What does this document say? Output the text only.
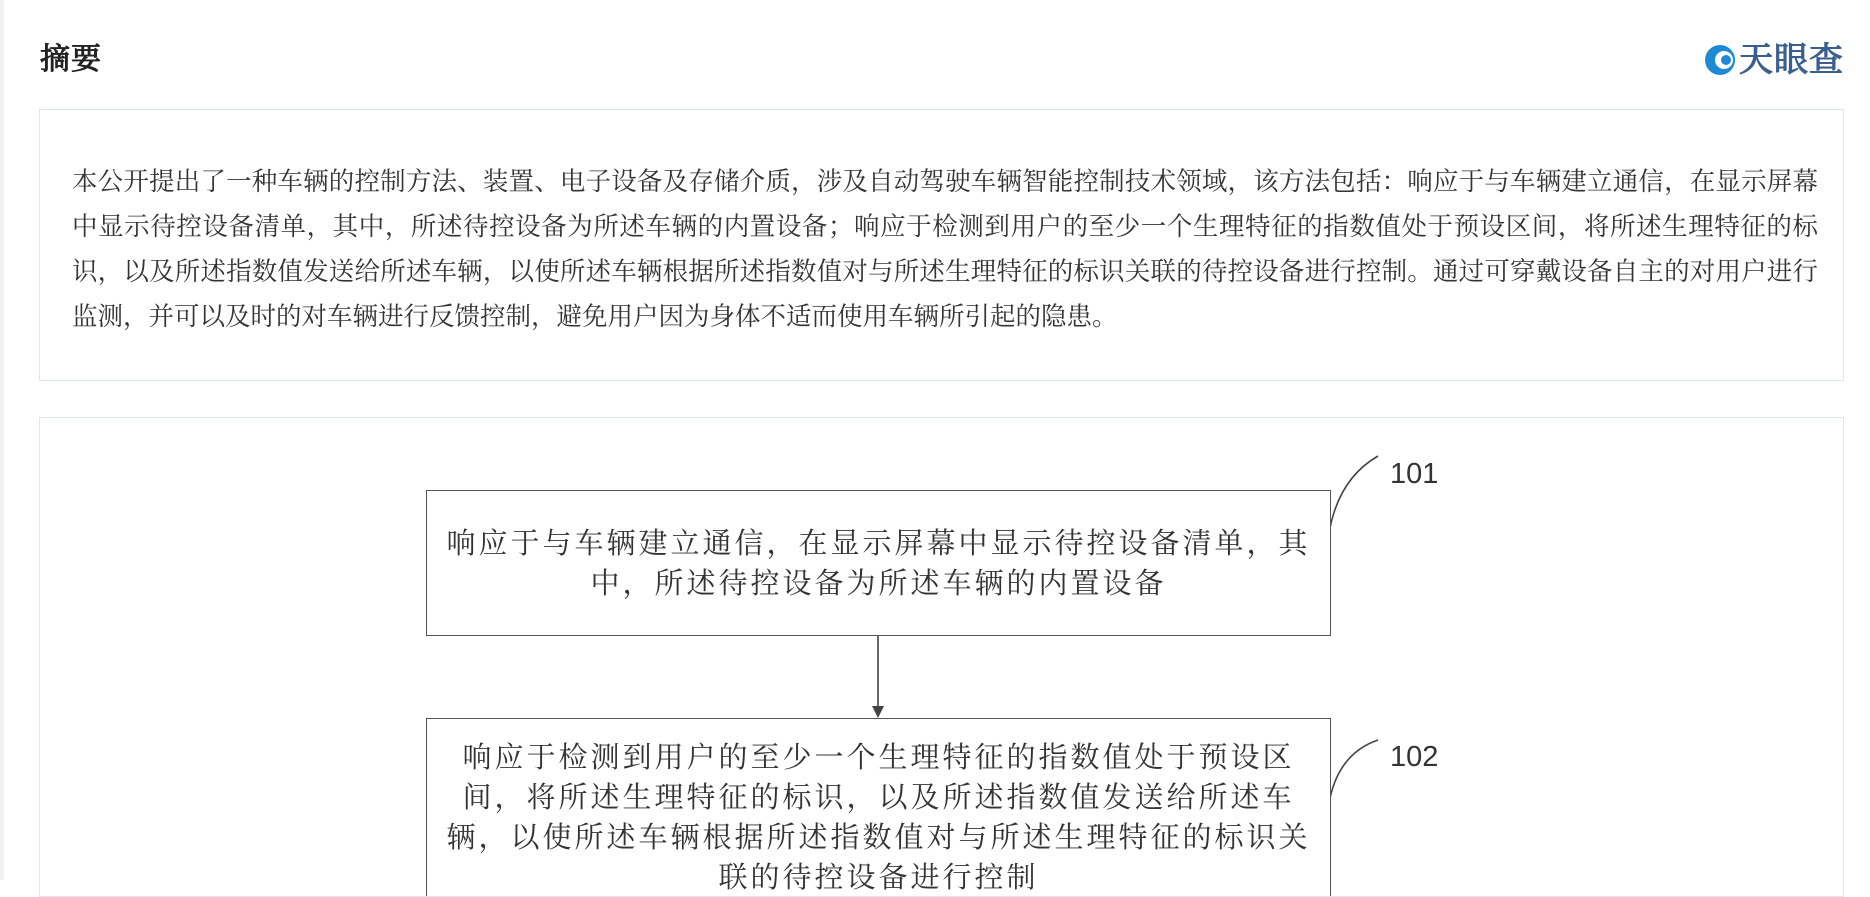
摘要	天眼查

本公开提出了一种车辆的控制方法、装置、电子设备及存储介质，涉及自动驾驶车辆智能控制技术领域，该方法包括：响应于与车辆建立通信，在显示屏幕中显示待控设备清单，其中，所述待控设备为所述车辆的内置设备；响应于检测到用户的至少一个生理特征的指数值处于预设区间，将所述生理特征的标识，以及所述指数值发送给所述车辆，以使所述车辆根据所述指数值对与所述生理特征的标识关联的待控设备进行控制。通过可穿戴设备自主的对用户进行监测，并可以及时的对车辆进行反馈控制，避免用户因为身体不适而使用车辆所引起的隐患。

响应于与车辆建立通信，在显示屏幕中显示待控设备清单，其中，所述待控设备为所述车辆的内置设备

101

响应于检测到用户的至少一个生理特征的指数值处于预设区间，将所述生理特征的标识，以及所述指数值发送给所述车辆，以使所述车辆根据所述指数值对与所述生理特征的标识关联的待控设备进行控制

102
